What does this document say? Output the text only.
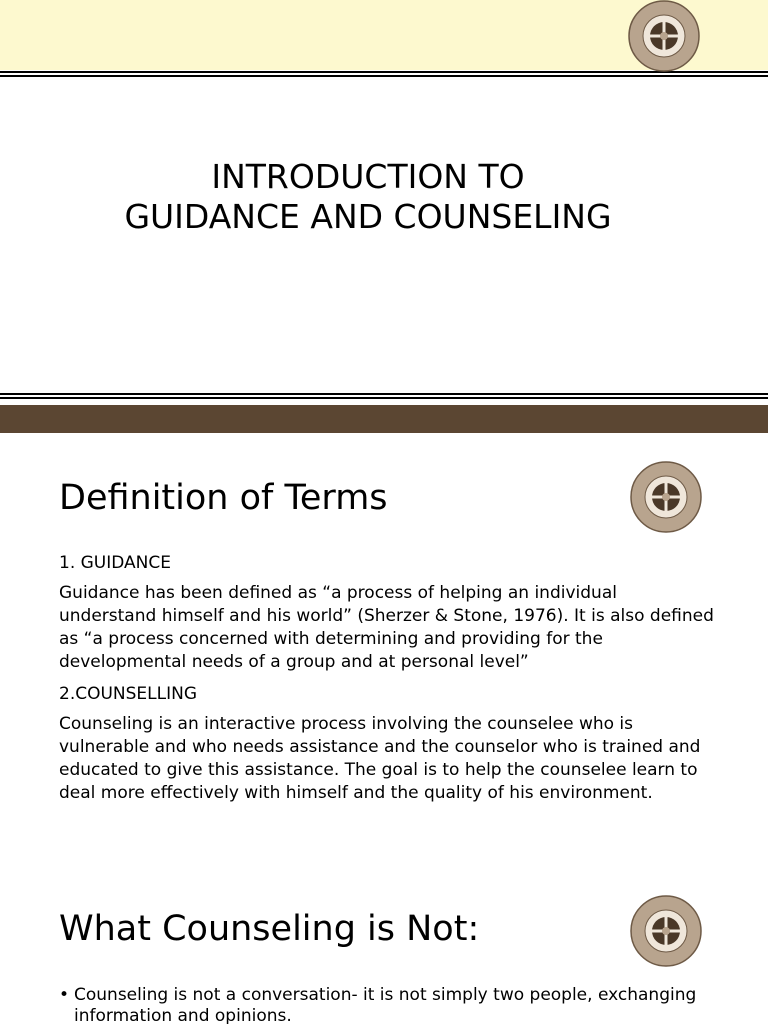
INTRODUCTION TO
GUIDANCE AND COUNSELING
Definition of Terms

1. GUIDANCE

Guidance has been defined as “a process of helping an individual understand himself and his world” (Sherzer & Stone, 1976). It is also defined as “a process concerned with determining and providing for the developmental needs of a group and at personal level”

2.COUNSELLING

Counseling is an interactive process involving the counselee who is vulnerable and who needs assistance and the counselor who is trained and educated to give this assistance. The goal is to help the counselee learn to deal more effectively with himself and the quality of his environment.

What Counseling is Not:
• Counseling is not a conversation- it is not simply two people, exchanging information and opinions.
